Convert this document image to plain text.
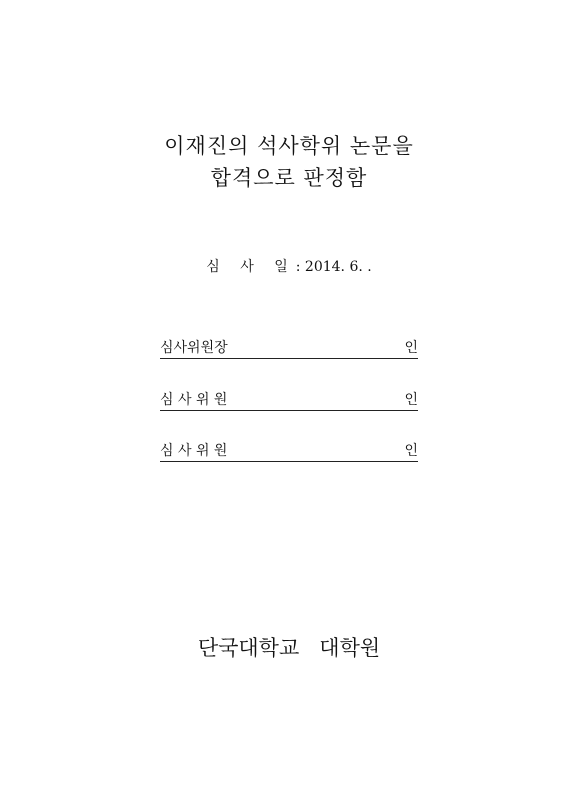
이재진의 석사학위 논문을
합격으로 판정함
심 사 일: 2014. 6. .
심사위원장	인
심 사 위 원	인
심 사 위 원	인
단국대학교   대학원
